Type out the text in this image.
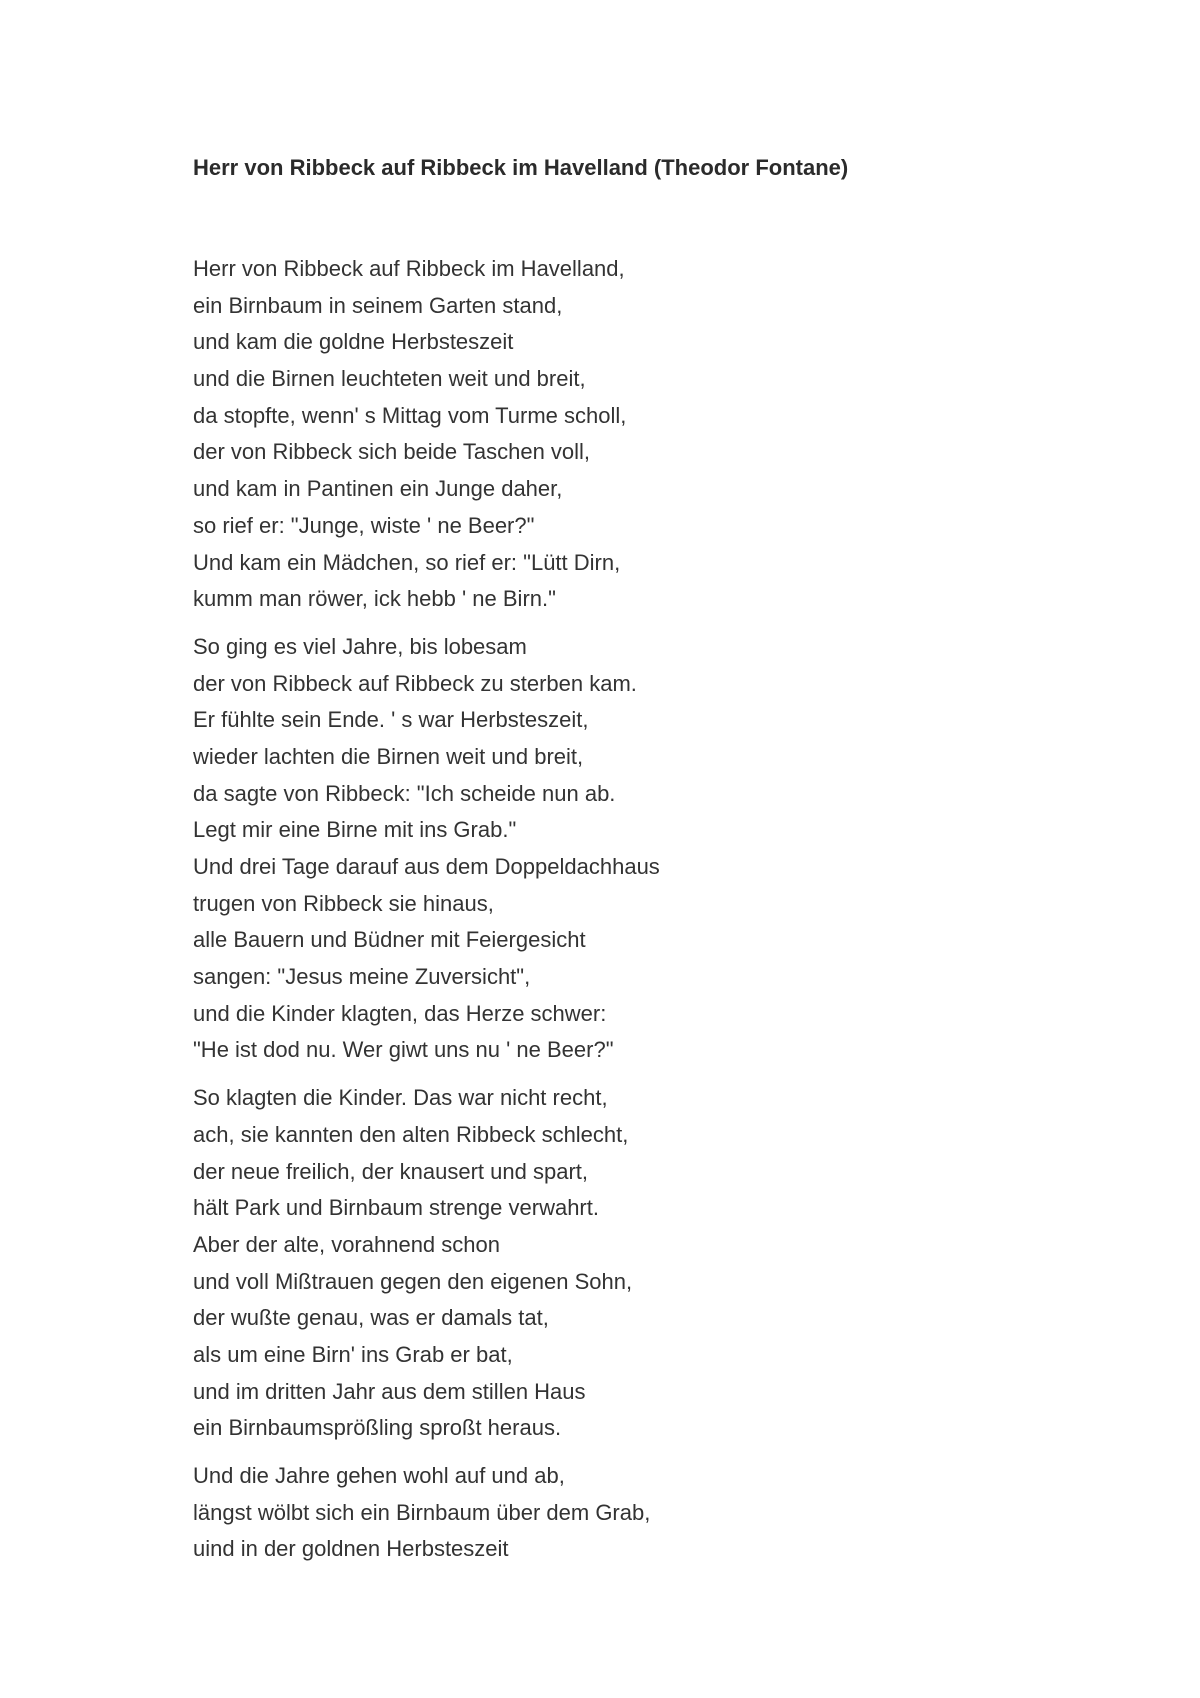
Herr von Ribbeck auf Ribbeck im Havelland (Theodor Fontane)
Herr von Ribbeck auf Ribbeck im Havelland,
ein Birnbaum in seinem Garten stand,
und kam die goldne Herbsteszeit
und die Birnen leuchteten weit und breit,
da stopfte, wenn' s Mittag vom Turme scholl,
der von Ribbeck sich beide Taschen voll,
und kam in Pantinen ein Junge daher,
so rief er: "Junge, wiste ' ne Beer?"
Und kam ein Mädchen, so rief er: "Lütt Dirn,
kumm man röwer, ick hebb ' ne Birn."
So ging es viel Jahre, bis lobesam
der von Ribbeck auf Ribbeck zu sterben kam.
Er fühlte sein Ende. ' s war Herbsteszeit,
wieder lachten die Birnen weit und breit,
da sagte von Ribbeck: "Ich scheide nun ab.
Legt mir eine Birne mit ins Grab."
Und drei Tage darauf aus dem Doppeldachhaus
trugen von Ribbeck sie hinaus,
alle Bauern und Büdner mit Feiergesicht
sangen: "Jesus meine Zuversicht",
und die Kinder klagten, das Herze schwer:
"He ist dod nu. Wer giwt uns nu ' ne Beer?"
So klagten die Kinder. Das war nicht recht,
ach, sie kannten den alten Ribbeck schlecht,
der neue freilich, der knausert und spart,
hält Park und Birnbaum strenge verwahrt.
Aber der alte, vorahnend schon
und voll Mißtrauen gegen den eigenen Sohn,
der wußte genau, was er damals tat,
als um eine Birn' ins Grab er bat,
und im dritten Jahr aus dem stillen Haus
ein Birnbaumsprößling sproßt heraus.
Und die Jahre gehen wohl auf und ab,
längst wölbt sich ein Birnbaum über dem Grab,
uind in der goldnen Herbsteszeit
